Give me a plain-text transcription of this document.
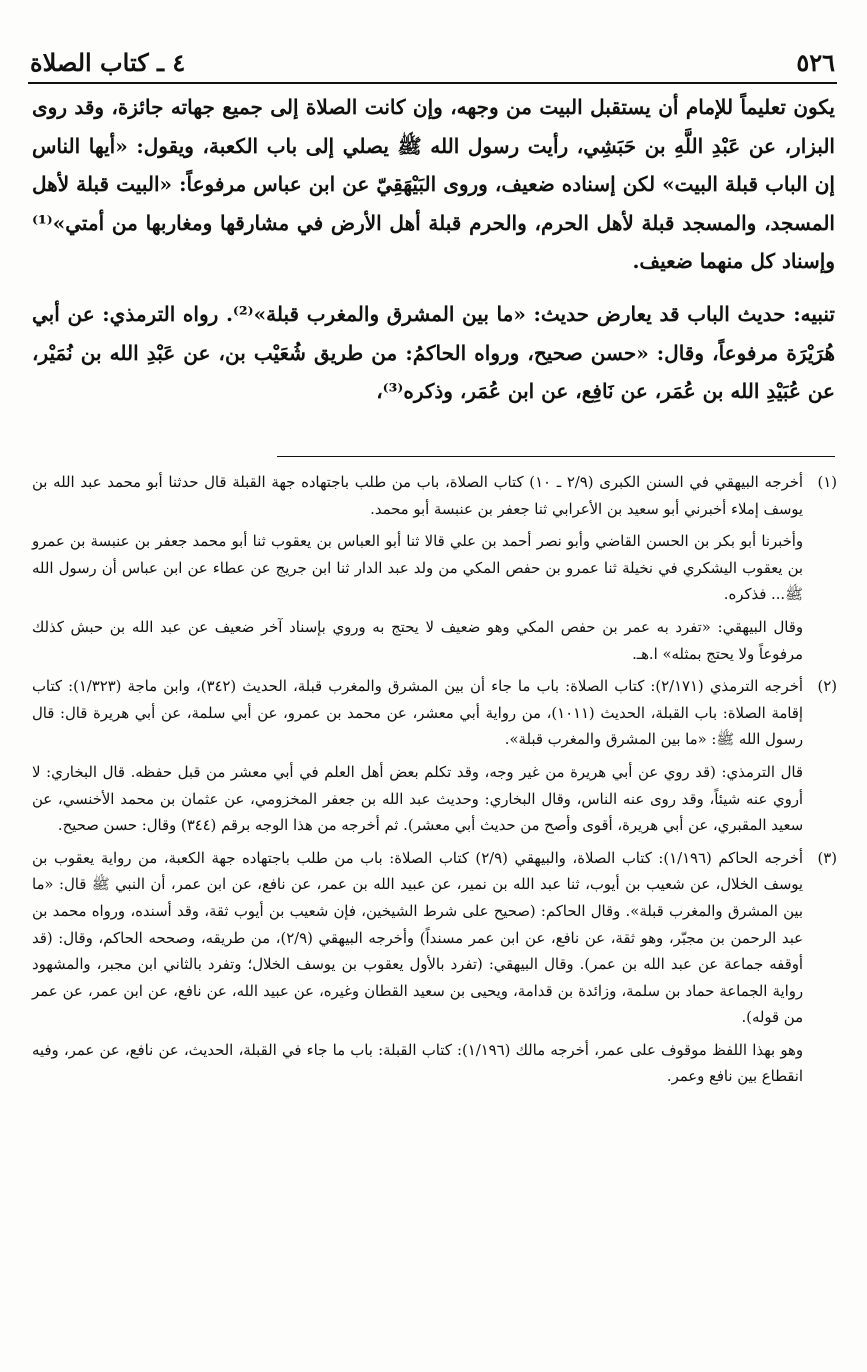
٥٢٦
٤ ـ كتاب الصلاة

يكون تعليماً للإمام أن يستقبل البيت من وجهه، وإن كانت الصلاة إلى جميع جهاته جائزة، وقد روى البزار، عن عَبْدِ اللَّهِ بن حَبَشِي، رأيت رسول الله ﷺ يصلي إلى باب الكعبة، ويقول: «أيها الناس إن الباب قبلة البيت» لكن إسناده ضعيف، وروى البَيْهَقِيّ عن ابن عباس مرفوعاً: «البيت قبلة لأهل المسجد، والمسجد قبلة لأهل الحرم، والحرم قبلة أهل الأرض في مشارقها ومغاربها من أمتي»⁽¹⁾ وإسناد كل منهما ضعيف.

تنبيه: حديث الباب قد يعارض حديث: «ما بين المشرق والمغرب قبلة»⁽²⁾. رواه الترمذي: عن أبي هُرَيْرَة مرفوعاً، وقال: «حسن صحيح، ورواه الحاكمُ: من طريق شُعَيْب بن، عن عَبْدِ الله بن نُمَيْر، عن عُبَيْدِ الله بن عُمَر، عن نَافِع، عن ابن عُمَر، وذكره⁽³⁾،

(١)

أخرجه البيهقي في السنن الكبرى (٢/٩ ـ ١٠) كتاب الصلاة، باب من طلب باجتهاده جهة القبلة قال حدثنا أبو محمد عبد الله بن يوسف إملاء أخبرني أبو سعيد بن الأعرابي ثنا جعفر بن عنبسة أبو محمد.

وأخبرنا أبو بكر بن الحسن القاضي وأبو نصر أحمد بن علي قالا ثنا أبو العباس بن يعقوب ثنا أبو محمد جعفر بن عنبسة بن عمرو بن يعقوب اليشكري في نخيلة ثنا عمرو بن حفص المكي من ولد عبد الدار ثنا ابن جريج عن عطاء عن ابن عباس أن رسول الله ﷺ... فذكره.

وقال البيهقي: «تفرد به عمر بن حفص المكي وهو ضعيف لا يحتج به وروي بإسناد آخر ضعيف عن عبد الله بن حبش كذلك مرفوعاً ولا يحتج بمثله» ا.هـ.

(٢)

أخرجه الترمذي (٢/١٧١): كتاب الصلاة: باب ما جاء أن بين المشرق والمغرب قبلة، الحديث (٣٤٢)، وابن ماجة (١/٣٢٣): كتاب إقامة الصلاة: باب القبلة، الحديث (١٠١١)، من رواية أبي معشر، عن محمد بن عمرو، عن أبي سلمة، عن أبي هريرة قال: قال رسول الله ﷺ: «ما بين المشرق والمغرب قبلة».

قال الترمذي: (قد روي عن أبي هريرة من غير وجه، وقد تكلم بعض أهل العلم في أبي معشر من قبل حفظه. قال البخاري: لا أروي عنه شيئاً، وقد روى عنه الناس، وقال البخاري: وحديث عبد الله بن جعفر المخزومي، عن عثمان بن محمد الأخنسي، عن سعيد المقبري، عن أبي هريرة، أقوى وأصح من حديث أبي معشر). ثم أخرجه من هذا الوجه برقم (٣٤٤) وقال: حسن صحيح.

(٣)

أخرجه الحاكم (١/١٩٦): كتاب الصلاة، والبيهقي (٢/٩) كتاب الصلاة: باب من طلب باجتهاده جهة الكعبة، من رواية يعقوب بن يوسف الخلال، عن شعيب بن أيوب، ثنا عبد الله بن نمير، عن عبيد الله بن عمر، عن نافع، عن ابن عمر، أن النبي ﷺ قال: «ما بين المشرق والمغرب قبلة». وقال الحاكم: (صحيح على شرط الشيخين، فإن شعيب بن أيوب ثقة، وقد أسنده، ورواه محمد بن عبد الرحمن بن مجبّر، وهو ثقة، عن نافع، عن ابن عمر مسنداً) وأخرجه البيهقي (٢/٩)، من طريقه، وصححه الحاكم، وقال: (قد أوقفه جماعة عن عبد الله بن عمر). وقال البيهقي: (تفرد بالأول يعقوب بن يوسف الخلال؛ وتفرد بالثاني ابن مجبر، والمشهود رواية الجماعة حماد بن سلمة، وزائدة بن قدامة، ويحيى بن سعيد القطان وغيره، عن عبيد الله، عن نافع، عن ابن عمر، عن عمر من قوله).

وهو بهذا اللفظ موقوف على عمر، أخرجه مالك (١/١٩٦): كتاب القبلة: باب ما جاء في القبلة، الحديث، عن نافع، عن عمر، وفيه انقطاع بين نافع وعمر.
